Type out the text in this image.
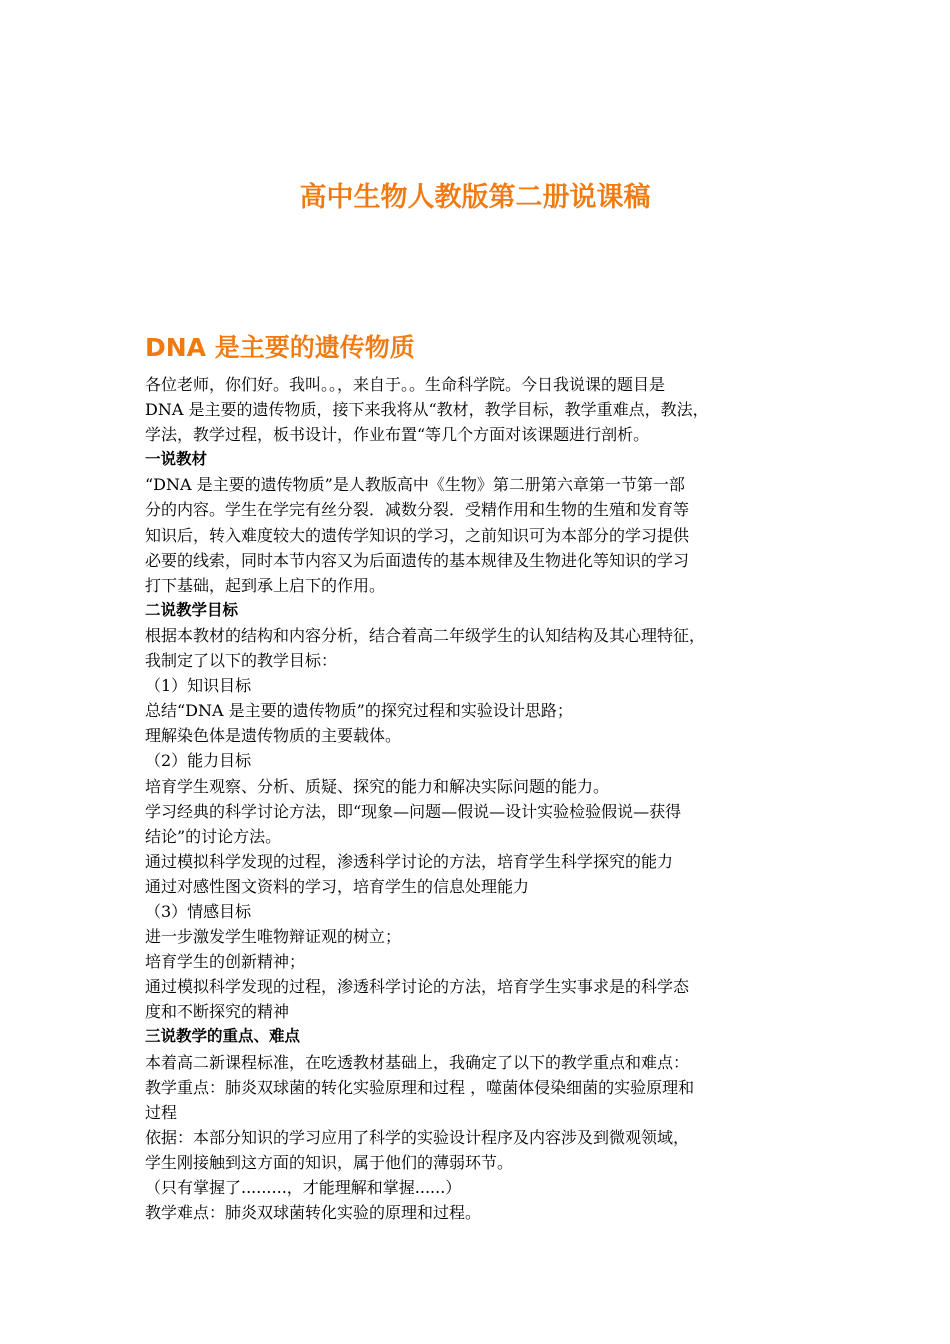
高中生物人教版第二册说课稿
DNA 是主要的遗传物质
各位老师，你们好。我叫。。，来自于。。生命科学院。今日我说课的题目是
DNA 是主要的遗传物质，接下来我将从“教材，教学目标，教学重难点，教法，
学法，教学过程，板书设计，作业布置“等几个方面对该课题进行剖析。
一说教材
“DNA 是主要的遗传物质”是人教版高中《生物》第二册第六章第一节第一部
分的内容。学生在学完有丝分裂．减数分裂．受精作用和生物的生殖和发育等
知识后，转入难度较大的遗传学知识的学习，之前知识可为本部分的学习提供
必要的线索，同时本节内容又为后面遗传的基本规律及生物进化等知识的学习
打下基础，起到承上启下的作用。
二说教学目标
根据本教材的结构和内容分析，结合着高二年级学生的认知结构及其心理特征，
我制定了以下的教学目标：
（1）知识目标
总结“DNA 是主要的遗传物质”的探究过程和实验设计思路；
理解染色体是遗传物质的主要载体。
（2）能力目标
培育学生观察、分析、质疑、探究的能力和解决实际问题的能力。
学习经典的科学讨论方法，即“现象—问题—假说—设计实验检验假说—获得
结论”的讨论方法。
通过模拟科学发现的过程，渗透科学讨论的方法，培育学生科学探究的能力
通过对感性图文资料的学习，培育学生的信息处理能力
（3）情感目标
进一步激发学生唯物辩证观的树立；
培育学生的创新精神；
通过模拟科学发现的过程，渗透科学讨论的方法，培育学生实事求是的科学态
度和不断探究的精神
三说教学的重点、难点
本着高二新课程标准，在吃透教材基础上，我确定了以下的教学重点和难点：
教学重点：肺炎双球菌的转化实验原理和过程 ，噬菌体侵染细菌的实验原理和
过程
依据：本部分知识的学习应用了科学的实验设计程序及内容涉及到微观领域，
学生刚接触到这方面的知识，属于他们的薄弱环节。
（只有掌握了.........，才能理解和掌握......）
教学难点：肺炎双球菌转化实验的原理和过程。
